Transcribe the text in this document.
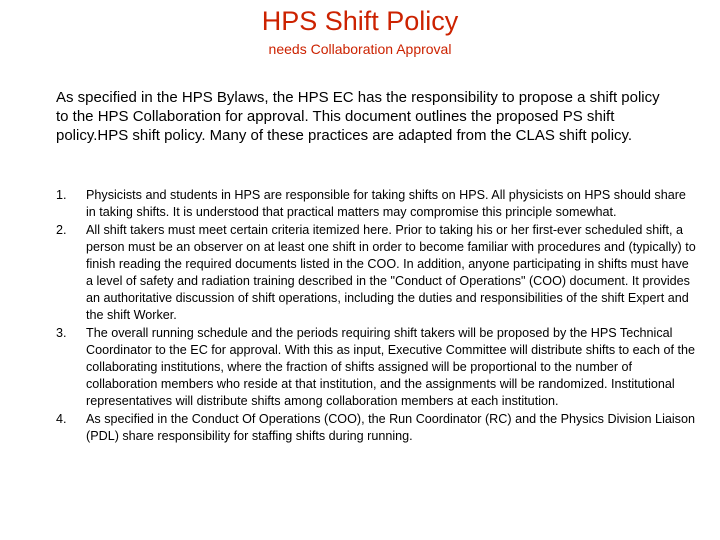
HPS Shift Policy
needs Collaboration Approval
As specified in the HPS Bylaws, the HPS EC has the responsibility to propose a shift policy to the HPS Collaboration for approval. This document outlines the proposed PS shift policy.HPS shift policy. Many of these practices are adapted from the CLAS shift policy.
1. Physicists and students in HPS are responsible for taking shifts on HPS. All physicists on HPS should share in taking shifts. It is understood that practical matters may compromise this principle somewhat.
2. All shift takers must meet certain criteria itemized here. Prior to taking his or her first-ever scheduled shift, a person must be an observer on at least one shift in order to become familiar with procedures and (typically) to finish reading the required documents listed in the COO. In addition, anyone participating in shifts must have a level of safety and radiation training described in the "Conduct of Operations" (COO) document. It provides an authoritative discussion of shift operations, including the duties and responsibilities of the shift Expert and the shift Worker.
3. The overall running schedule and the periods requiring shift takers will be proposed by the HPS Technical Coordinator to the EC for approval. With this as input, Executive Committee will distribute shifts to each of the collaborating institutions, where the fraction of shifts assigned will be proportional to the number of collaboration members who reside at that institution, and the assignments will be randomized. Institutional representatives will distribute shifts among collaboration members at each institution.
4. As specified in the Conduct Of Operations (COO), the Run Coordinator (RC) and the Physics Division Liaison (PDL) share responsibility for staffing shifts during running.
